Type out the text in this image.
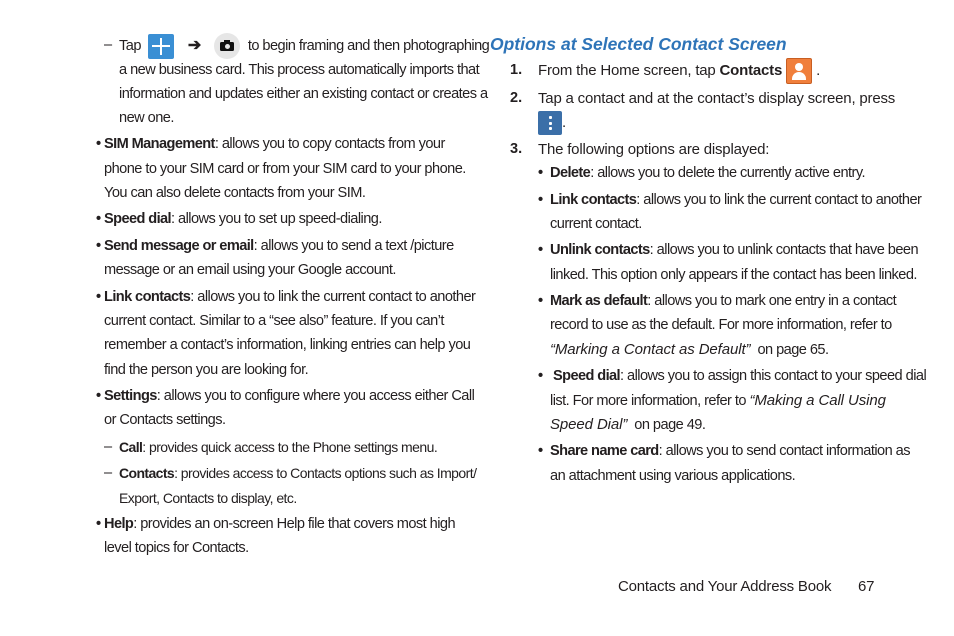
– Tap	➔	to begin framing and then photographing
a new business card. This process automatically imports that
information and updates either an existing contact or creates a
new one.
• SIM Management: allows you to copy contacts from your
phone to your SIM card or from your SIM card to your phone.
You can also delete contacts from your SIM.
• Speed dial: allows you to set up speed-dialing.
• Send message or email: allows you to send a text /picture
message or an email using your Google account.
• Link contacts: allows you to link the current contact to another
current contact. Similar to a “see also” feature. If you can’t
remember a contact’s information, linking entries can help you
find the person you are looking for.
• Settings: allows you to configure where you access either Call
or Contacts settings.
– Call: provides quick access to the Phone settings menu.
– Contacts: provides access to Contacts options such as Import/
Export, Contacts to display, etc.
• Help: provides an on-screen Help file that covers most high
level topics for Contacts.
Options at Selected Contact Screen
1. From the Home screen, tap Contacts .
2. Tap a contact and at the contact’s display screen, press
.
3. The following options are displayed:
• Delete: allows you to delete the currently active entry.
• Link contacts: allows you to link the current contact to another
current contact.
• Unlink contacts: allows you to unlink contacts that have been
linked. This option only appears if the contact has been linked.
• Mark as default: allows you to mark one entry in a contact
record to use as the default. For more information, refer to
“Marking a Contact as Default” on page 65.
• Speed dial: allows you to assign this contact to your speed dial
list. For more information, refer to “Making a Call Using
Speed Dial” on page 49.
• Share name card: allows you to send contact information as
an attachment using various applications.
Contacts and Your Address Book 67
